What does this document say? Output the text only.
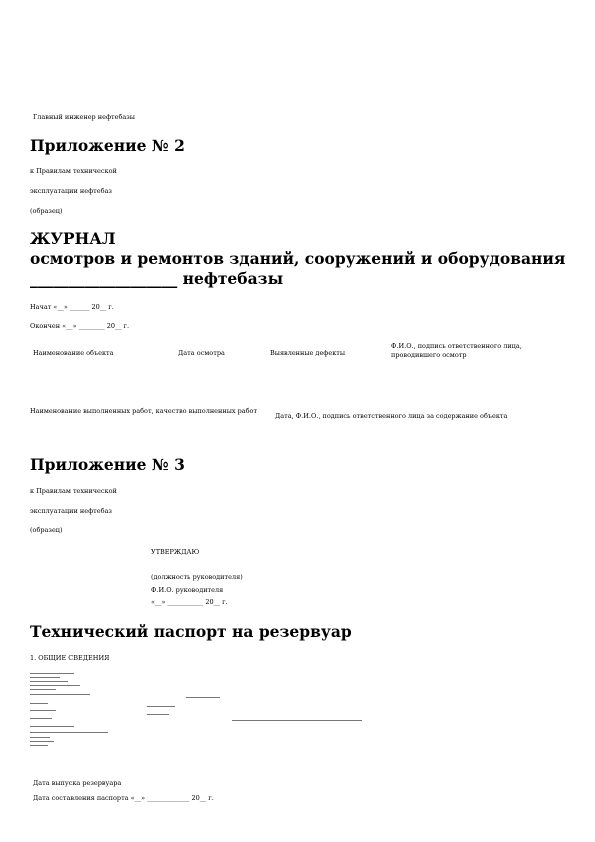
Главный инженер нефтебазы
Приложение № 2
к Правилам технической
эксплуатации нефтебаз
(образец)
ЖУРНАЛ
осмотров и ремонтов зданий, сооружений и оборудования
___________________ нефтебазы
Начат «__» ______ 20__ г.
Окончен «__» ________ 20__ г.
Наименование объекта	Дата осмотра	Выявленные дефекты
Ф.И.О., подпись ответственного лица, проводившего осмотр
Наименование выполненных работ, качество выполненных работ
Дата, Ф.И.О., подпись ответственного лица за содержание объекта
Приложение № 3
к Правилам технической
эксплуатации нефтебаз
(образец)
УТВЕРЖДАЮ
(должность руководителя)
Ф.И.О. руководителя
«__» ___________ 20__ г.
Технический паспорт на резервуар
1. ОБЩИЕ СВЕДЕНИЯ
Дата выпуска резервуара
Дата составления паспорта «__» _____________ 20__ г.
